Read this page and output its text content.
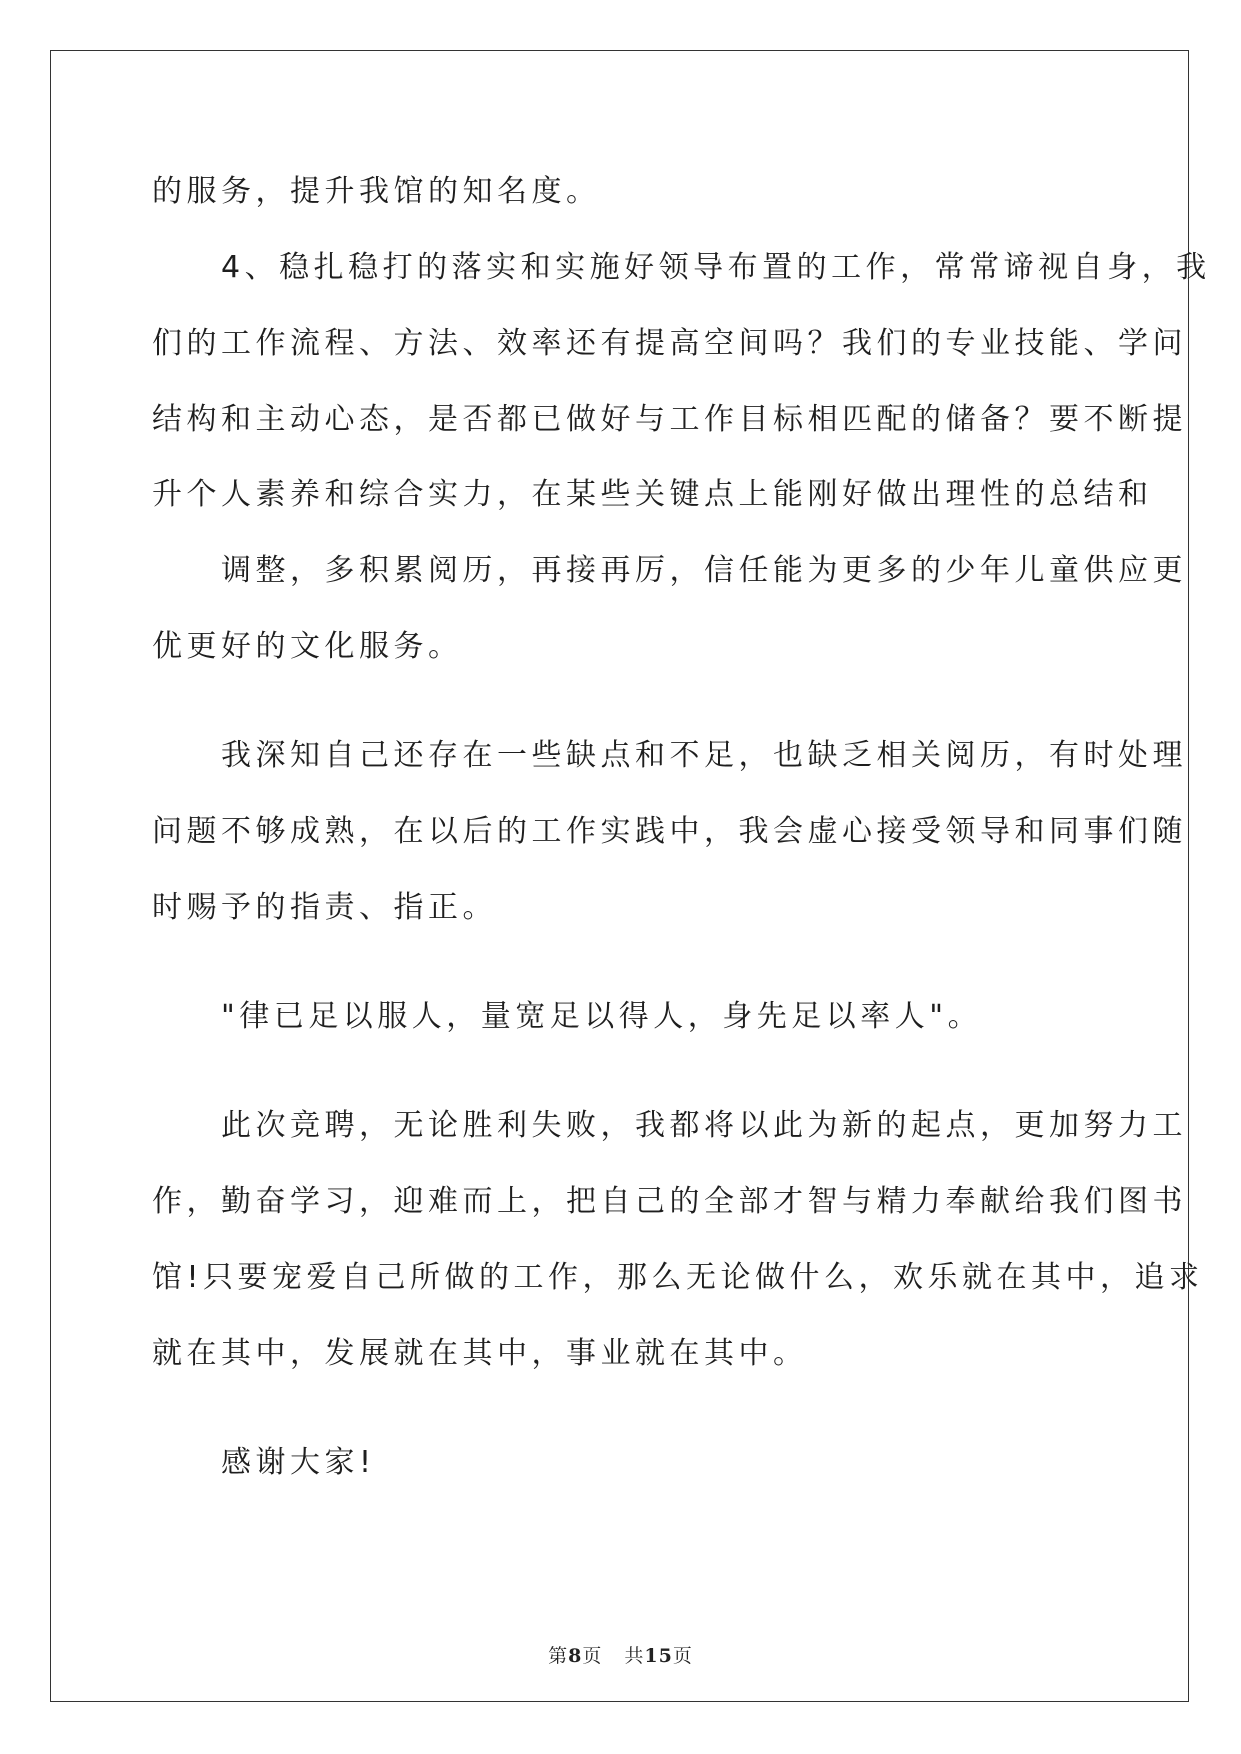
的服务，提升我馆的知名度。
　　4、稳扎稳打的落实和实施好领导布置的工作，常常谛视自身，我
们的工作流程、方法、效率还有提高空间吗？我们的专业技能、学问
结构和主动心态，是否都已做好与工作目标相匹配的储备？要不断提
升个人素养和综合实力，在某些关键点上能刚好做出理性的总结和
　　调整，多积累阅历，再接再厉，信任能为更多的少年儿童供应更
优更好的文化服务。
　　我深知自己还存在一些缺点和不足，也缺乏相关阅历，有时处理
问题不够成熟，在以后的工作实践中，我会虚心接受领导和同事们随
时赐予的指责、指正。
　　"律已足以服人，量宽足以得人，身先足以率人"。
　　此次竞聘，无论胜利失败，我都将以此为新的起点，更加努力工
作，勤奋学习，迎难而上，把自己的全部才智与精力奉献给我们图书
馆!只要宠爱自己所做的工作，那么无论做什么，欢乐就在其中，追求
就在其中，发展就在其中，事业就在其中。
　　感谢大家!
第8页 共15页
